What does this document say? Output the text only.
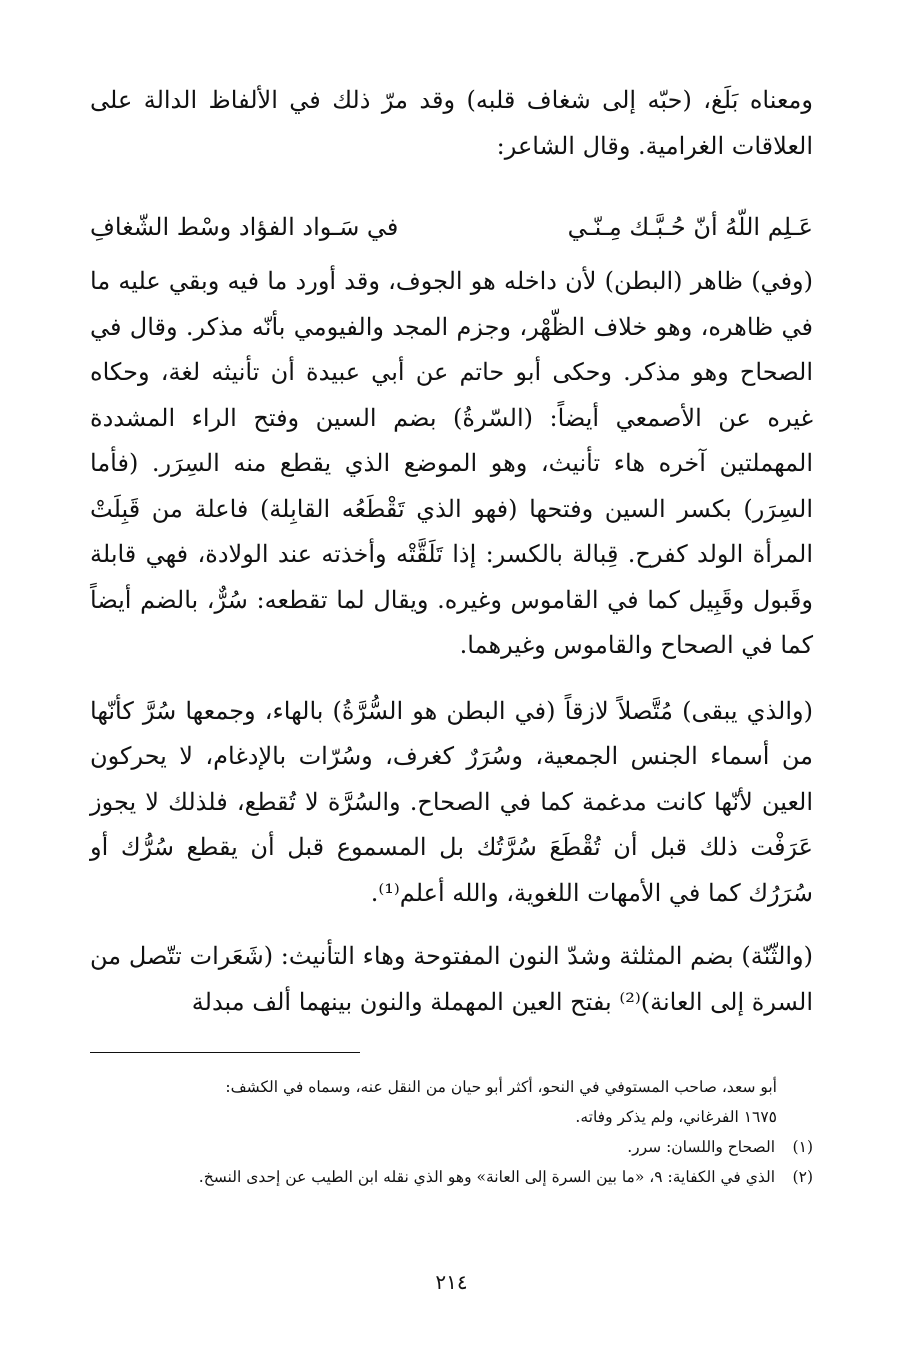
ومعناه بَلَغ، (حبّه إلى شغاف قلبه) وقد مرّ ذلك في الألفاظ الدالة على العلاقات الغرامية. وقال الشاعر:

عَـلِم اللّهُ أنّ حُـبَّـك مِـنّـي
في سَـواد الفؤاد وسْط الشّغافِ

(وفي) ظاهر (البطن) لأن داخله هو الجوف، وقد أورد ما فيه وبقي عليه ما في ظاهره، وهو خلاف الظّهْر، وجزم المجد والفيومي بأنّه مذكر. وقال في الصحاح وهو مذكر. وحكى أبو حاتم عن أبي عبيدة أن تأنيثه لغة، وحكاه غيره عن الأصمعي أيضاً: (السّرةُ) بضم السين وفتح الراء المشددة المهملتين آخره هاء تأنيث، وهو الموضع الذي يقطع منه السِرَر. (فأما السِرَر) بكسر السين وفتحها (فهو الذي تَقْطَعُه القابِلة) فاعلة من قَبِلَتْ المرأة الولد كفرح. قِبالة بالكسر: إذا تَلَقَّتْه وأخذته عند الولادة، فهي قابلة وقَبول وقَبِيل كما في القاموس وغيره. ويقال لما تقطعه: سُرٌّ، بالضم أيضاً كما في الصحاح والقاموس وغيرهما.

(والذي يبقى) مُتَّصلاً لازقاً (في البطن هو السُّرَّةُ) بالهاء، وجمعها سُرَّ كأنّها من أسماء الجنس الجمعية، وسُرَرٌ كغرف، وسُرّات بالإدغام، لا يحركون العين لأنّها كانت مدغمة كما في الصحاح. والسُرَّة لا تُقطع، فلذلك لا يجوز عَرَفْت ذلك قبل أن تُقْطَعَ سُرَّتُك بل المسموع قبل أن يقطع سُرُّك أو سُرَرُك كما في الأمهات اللغوية، والله أعلم⁽¹⁾.

(والثّنّة) بضم المثلثة وشدّ النون المفتوحة وهاء التأنيث: (شَعَرات تتّصل من السرة إلى العانة)⁽²⁾ بفتح العين المهملة والنون بينهما ألف مبدلة

أبو سعد، صاحب المستوفي في النحو، أكثر أبو حيان من النقل عنه، وسماه في الكشف:
١٦٧٥ الفرغاني، ولم يذكر وفاته.
(١)
الصحاح واللسان: سرر.
(٢)
الذي في الكفاية: ٩، «ما بين السرة إلى العانة» وهو الذي نقله ابن الطيب عن إحدى النسخ.
٢١٤
